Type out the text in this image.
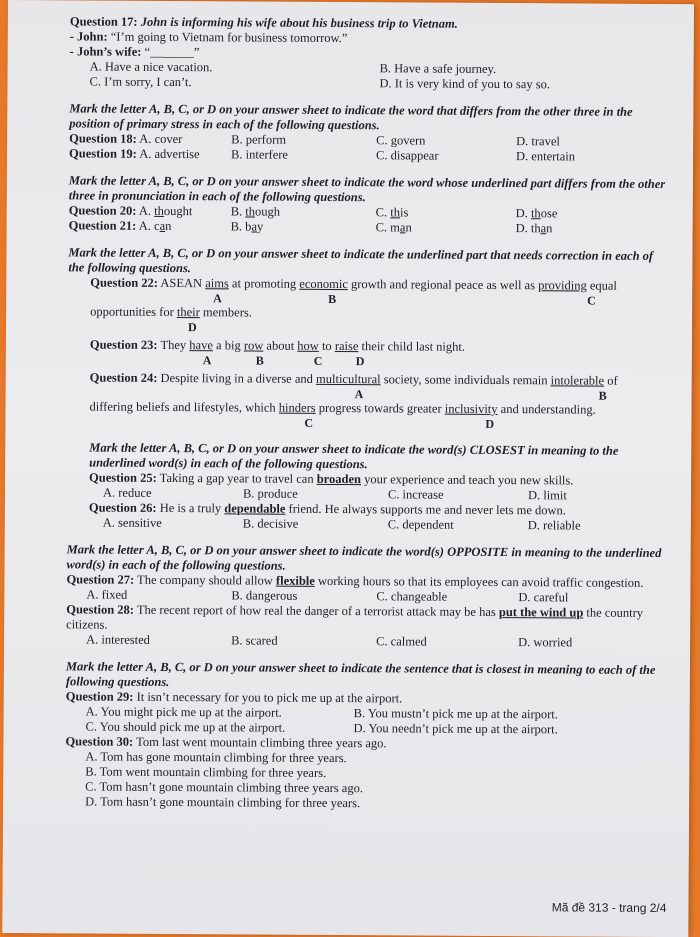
Question 17: John is informing his wife about his business trip to Vietnam.
- John: “I’m going to Vietnam for business tomorrow.”
- John’s wife: “_______”
A. Have a nice vacation.	B. Have a safe journey.
C. I’m sorry, I can’t.	D. It is very kind of you to say so.
Mark the letter A, B, C, or D on your answer sheet to indicate the word that differs from the other three in the position of primary stress in each of the following questions.
Question 18: A. cover	B. perform	C. govern	D. travel
Question 19: A. advertise	B. interfere	C. disappear	D. entertain
Mark the letter A, B, C, or D on your answer sheet to indicate the word whose underlined part differs from the other three in pronunciation in each of the following questions.
Question 20: A. thought	B. though	C. this	D. those
Question 21: A. can	B. bay	C. man	D. than
Mark the letter A, B, C, or D on your answer sheet to indicate the underlined part that needs correction in each of the following questions.
Question 22: ASEAN aims at promoting economic growth and regional peace as well as providing equal
A	B	C
opportunities for their members.
D
Question 23: They have a big row about how to raise their child last night.
A	B	C	D
Question 24: Despite living in a diverse and multicultural society, some individuals remain intolerable of
A	B
differing beliefs and lifestyles, which hinders progress towards greater inclusivity and understanding.
C	D
Mark the letter A, B, C, or D on your answer sheet to indicate the word(s) CLOSEST in meaning to the underlined word(s) in each of the following questions.
Question 25: Taking a gap year to travel can broaden your experience and teach you new skills.
A. reduce	B. produce	C. increase	D. limit
Question 26: He is a truly dependable friend. He always supports me and never lets me down.
A. sensitive	B. decisive	C. dependent	D. reliable
Mark the letter A, B, C, or D on your answer sheet to indicate the word(s) OPPOSITE in meaning to the underlined word(s) in each of the following questions.
Question 27: The company should allow flexible working hours so that its employees can avoid traffic congestion.
A. fixed	B. dangerous	C. changeable	D. careful
Question 28: The recent report of how real the danger of a terrorist attack may be has put the wind up the country citizens.
A. interested	B. scared	C. calmed	D. worried
Mark the letter A, B, C, or D on your answer sheet to indicate the sentence that is closest in meaning to each of the following questions.
Question 29: It isn’t necessary for you to pick me up at the airport.
A. You might pick me up at the airport.	B. You mustn’t pick me up at the airport.
C. You should pick me up at the airport.	D. You needn’t pick me up at the airport.
Question 30: Tom last went mountain climbing three years ago.
A. Tom has gone mountain climbing for three years.
B. Tom went mountain climbing for three years.
C. Tom hasn’t gone mountain climbing three years ago.
D. Tom hasn’t gone mountain climbing for three years.
Mã đề 313 - trang 2/4
